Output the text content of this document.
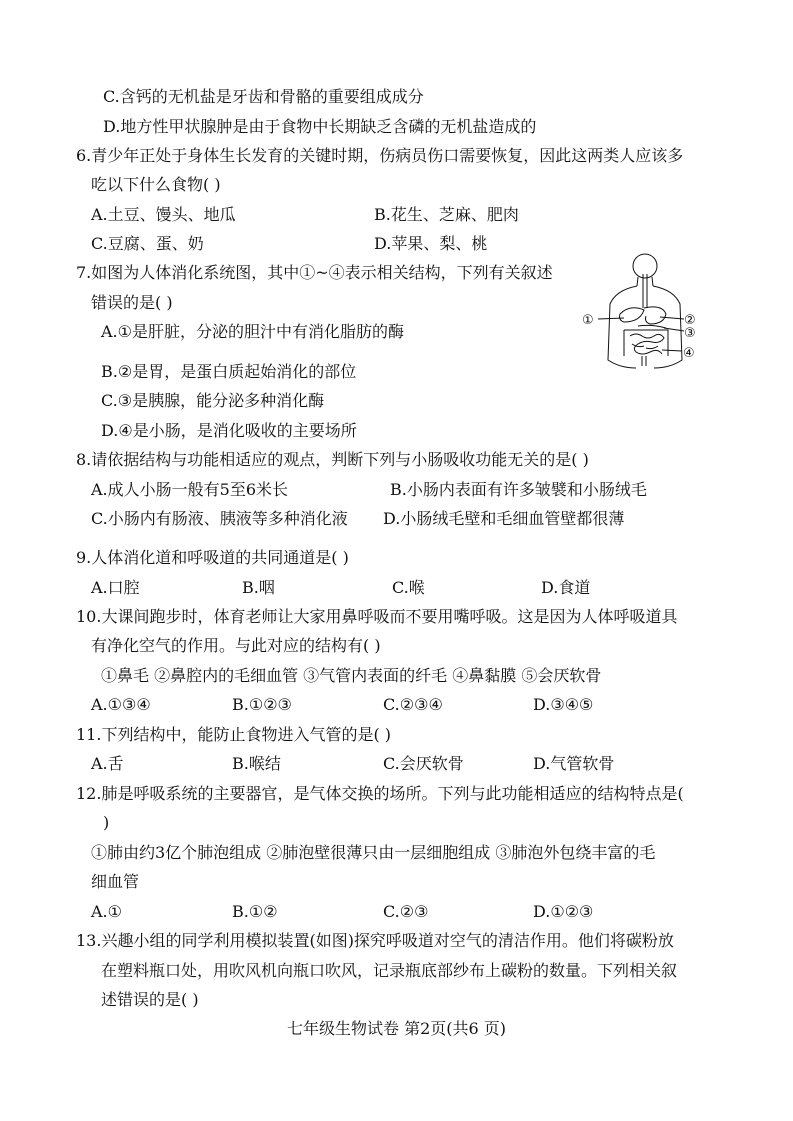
C.含钙的无机盐是牙齿和骨骼的重要组成成分
D.地方性甲状腺肿是由于食物中长期缺乏含磷的无机盐造成的
6.青少年正处于身体生长发育的关键时期，伤病员伤口需要恢复，因此这两类人应该多
吃以下什么食物( )
A.土豆、馒头、地瓜	B.花生、芝麻、肥肉
C.豆腐、蛋、奶	D.苹果、梨、桃
7.如图为人体消化系统图，其中①~④表示相关结构，下列有关叙述
错误的是( )
A.①是肝脏，分泌的胆汁中有消化脂肪的酶
B.②是胃，是蛋白质起始消化的部位
C.③是胰腺，能分泌多种消化酶
D.④是小肠，是消化吸收的主要场所
①	②
③
④
8.请依据结构与功能相适应的观点，判断下列与小肠吸收功能无关的是( )
A.成人小肠一般有5至6米长	B.小肠内表面有许多皱襞和小肠绒毛
C.小肠内有肠液、胰液等多种消化液 D.小肠绒毛壁和毛细血管壁都很薄
9.人体消化道和呼吸道的共同通道是( )
A.口腔	B.咽	C.喉	D.食道
10.大课间跑步时，体育老师让大家用鼻呼吸而不要用嘴呼吸。这是因为人体呼吸道具
有净化空气的作用。与此对应的结构有( )
①鼻毛 ②鼻腔内的毛细血管 ③气管内表面的纤毛 ④鼻黏膜 ⑤会厌软骨
A.①③④	B.①②③	C.②③④	D.③④⑤
11.下列结构中，能防止食物进入气管的是( )
A.舌	B.喉结	C.会厌软骨	D.气管软骨
12.肺是呼吸系统的主要器官，是气体交换的场所。下列与此功能相适应的结构特点是(
)
①肺由约3亿个肺泡组成 ②肺泡壁很薄只由一层细胞组成 ③肺泡外包绕丰富的毛
细血管
A.①	B.①②	C.②③	D.①②③
13.兴趣小组的同学利用模拟装置(如图)探究呼吸道对空气的清洁作用。他们将碳粉放
在塑料瓶口处，用吹风机向瓶口吹风，记录瓶底部纱布上碳粉的数量。下列相关叙
述错误的是( )
七年级生物试卷 第2页(共6 页)
